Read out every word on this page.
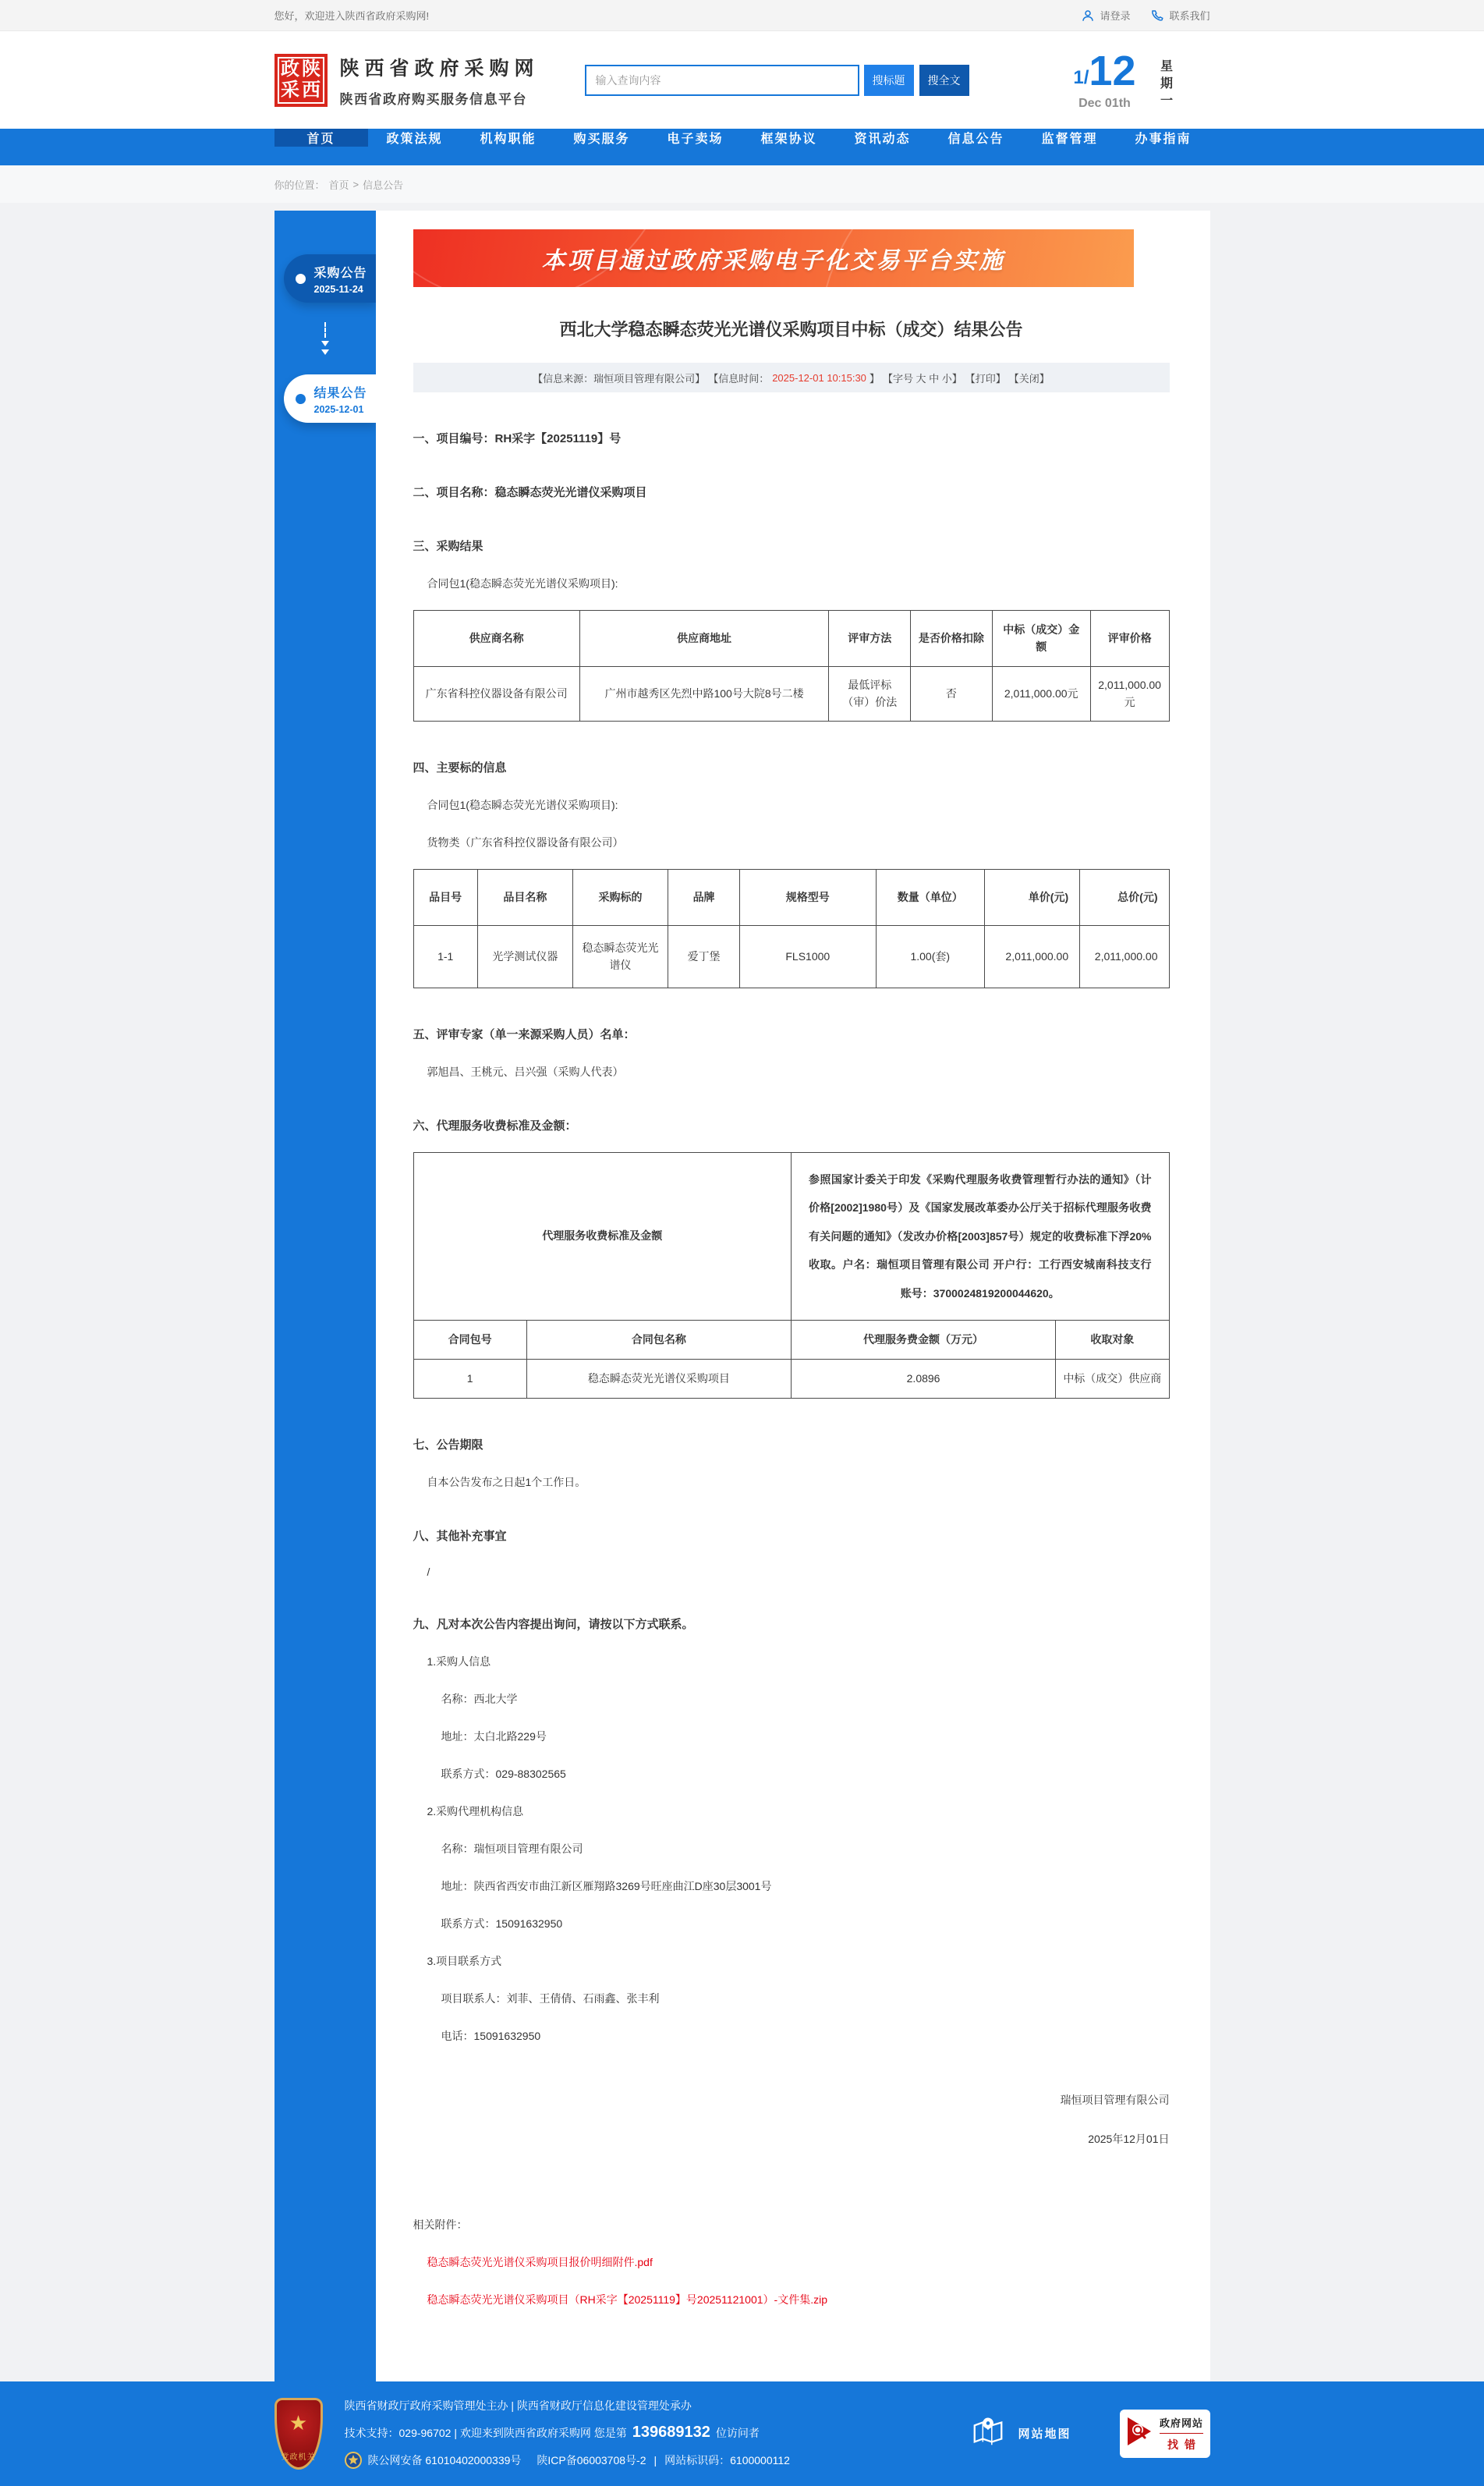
您好，欢迎进入陕西省政府采购网!	请登录	联系我们
政 陕
采 西
陕西省政府采购网
陕西省政府购买服务信息平台
输入查询内容
搜标题	搜全文	1/ 12
Dec 01th	星期一
首页	政策法规	机构职能	购买服务	电子卖场	框架协议	资讯动态	信息公告	监督管理	办事指南
你的位置： 首页 > 信息公告
采购公告
2025-11-24
结果公告
2025-12-01
本项目通过政府采购电子化交易平台实施
西北大学稳态瞬态荧光光谱仪采购项目中标（成交）结果公告
【信息来源：瑞恒项目管理有限公司】 【信息时间： 2025-12-01 10:15:30 】 【字号 大 中 小】 【打印】 【关闭】
一、项目编号：RH采字【20251119】号
二、项目名称：稳态瞬态荧光光谱仪采购项目
三、采购结果
合同包1(稳态瞬态荧光光谱仪采购项目):
供应商名称	供应商地址	评审方法	是否价格扣除	中标（成交）金额	评审价格
广东省科控仪器设备有限公司	广州市越秀区先烈中路100号大院8号二楼	最低评标（审）价法	否	2,011,000.00元	2,011,000.00元
四、主要标的信息
合同包1(稳态瞬态荧光光谱仪采购项目):
货物类（广东省科控仪器设备有限公司）
品目号	品目名称	采购标的	品牌	规格型号	数量（单位）	单价(元)	总价(元)
1-1	光学测试仪器	稳态瞬态荧光光谱仪	爱丁堡	FLS1000	1.00(套)	2,011,000.00	2,011,000.00
五、评审专家（单一来源采购人员）名单：
郭旭昌、王桃元、吕兴强（采购人代表）
六、代理服务收费标准及金额：
代理服务收费标准及金额		参照国家计委关于印发《采购代理服务收费管理暂行办法的通知》（计价格[2002]1980号）及《国家发展改革委办公厅关于招标代理服务收费有关问题的通知》（发改办价格[2003]857号）规定的收费标准下浮20%收取。户名：瑞恒项目管理有限公司 开户行：工行西安城南科技支行 账号：3700024819200044620。	
合同包号	合同包名称	代理服务费金额（万元）	收取对象
1	稳态瞬态荧光光谱仪采购项目	2.0896	中标（成交）供应商
七、公告期限
自本公告发布之日起1个工作日。
八、其他补充事宜
/
九、凡对本次公告内容提出询问，请按以下方式联系。
1.采购人信息
名称：西北大学
地址：太白北路229号
联系方式：029-88302565
2.采购代理机构信息
名称：瑞恒项目管理有限公司
地址：陕西省西安市曲江新区雁翔路3269号旺座曲江D座30层3001号
联系方式：15091632950
3.项目联系方式
项目联系人：刘菲、王倩倩、石雨鑫、张丰利
电话：15091632950
瑞恒项目管理有限公司
2025年12月01日
相关附件：
稳态瞬态荧光光谱仪采购项目报价明细附件.pdf
稳态瞬态荧光光谱仪采购项目（RH采字【20251119】号20251121001）-文件集.zip
★
党政机关
陕西省财政厅政府采购管理处主办 | 陕西省财政厅信息化建设管理处承办
技术支持：029-96702 | 欢迎来到陕西省政府采购网 您是第 139689132 位访问者
陕公网安备 61010402000339号 陕ICP备06003708号-2 | 网站标识码：6100000112
网站地图
政府网站
找错
